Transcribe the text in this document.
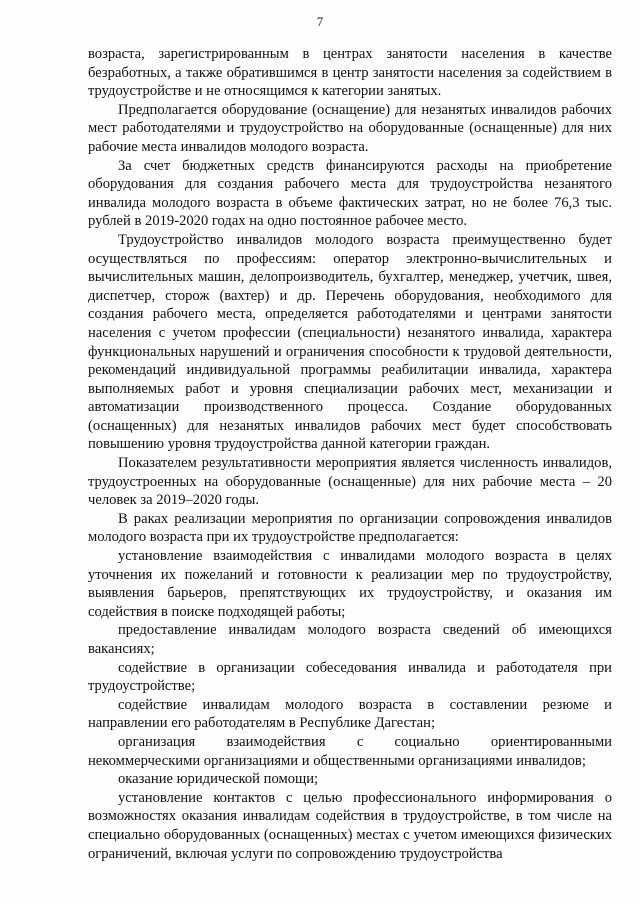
7

возраста, зарегистрированным в центрах занятости населения в качестве безработных, а также обратившимся в центр занятости населения за содействием в трудоустройстве и не относящимся к категории занятых.

Предполагается оборудование (оснащение) для незанятых инвалидов рабочих мест работодателями и трудоустройство на оборудованные (оснащенные) для них рабочие места инвалидов молодого возраста.

За счет бюджетных средств финансируются расходы на приобретение оборудования для создания рабочего места для трудоустройства незанятого инвалида молодого возраста в объеме фактических затрат, но не более 76,3 тыс. рублей в 2019-2020 годах на одно постоянное рабочее место.

Трудоустройство инвалидов молодого возраста преимущественно будет осуществляться по профессиям: оператор электронно-вычислительных и вычислительных машин, делопроизводитель, бухгалтер, менеджер, учетчик, швея, диспетчер, сторож (вахтер) и др. Перечень оборудования, необходимого для создания рабочего места, определяется работодателями и центрами занятости населения с учетом профессии (специальности) незанятого инвалида, характера функциональных нарушений и ограничения способности к трудовой деятельности, рекомендаций индивидуальной программы реабилитации инвалида, характера выполняемых работ и уровня специализации рабочих мест, механизации и автоматизации производственного процесса. Создание оборудованных (оснащенных) для незанятых инвалидов рабочих мест будет способствовать повышению уровня трудоустройства данной категории граждан.

Показателем результативности мероприятия является численность инвалидов, трудоустроенных на оборудованные (оснащенные) для них рабочие места – 20 человек за 2019–2020 годы.

В раках реализации мероприятия по организации сопровождения инвалидов молодого возраста при их трудоустройстве предполагается:

установление взаимодействия с инвалидами молодого возраста в целях уточнения их пожеланий и готовности к реализации мер по трудоустройству, выявления барьеров, препятствующих их трудоустройству, и оказания им содействия в поиске подходящей работы;

предоставление инвалидам молодого возраста сведений об имеющихся вакансиях;

содействие в организации собеседования инвалида и работодателя при трудоустройстве;

содействие инвалидам молодого возраста в составлении резюме и направлении его работодателям в Республике Дагестан;

организация взаимодействия с социально ориентированными некоммерческими организациями и общественными организациями инвалидов;

оказание юридической помощи;

установление контактов с целью профессионального информирования о возможностях оказания инвалидам содействия в трудоустройстве, в том числе на специально оборудованных (оснащенных) местах с учетом имеющихся физических ограничений, включая услуги по сопровождению трудоустройства
